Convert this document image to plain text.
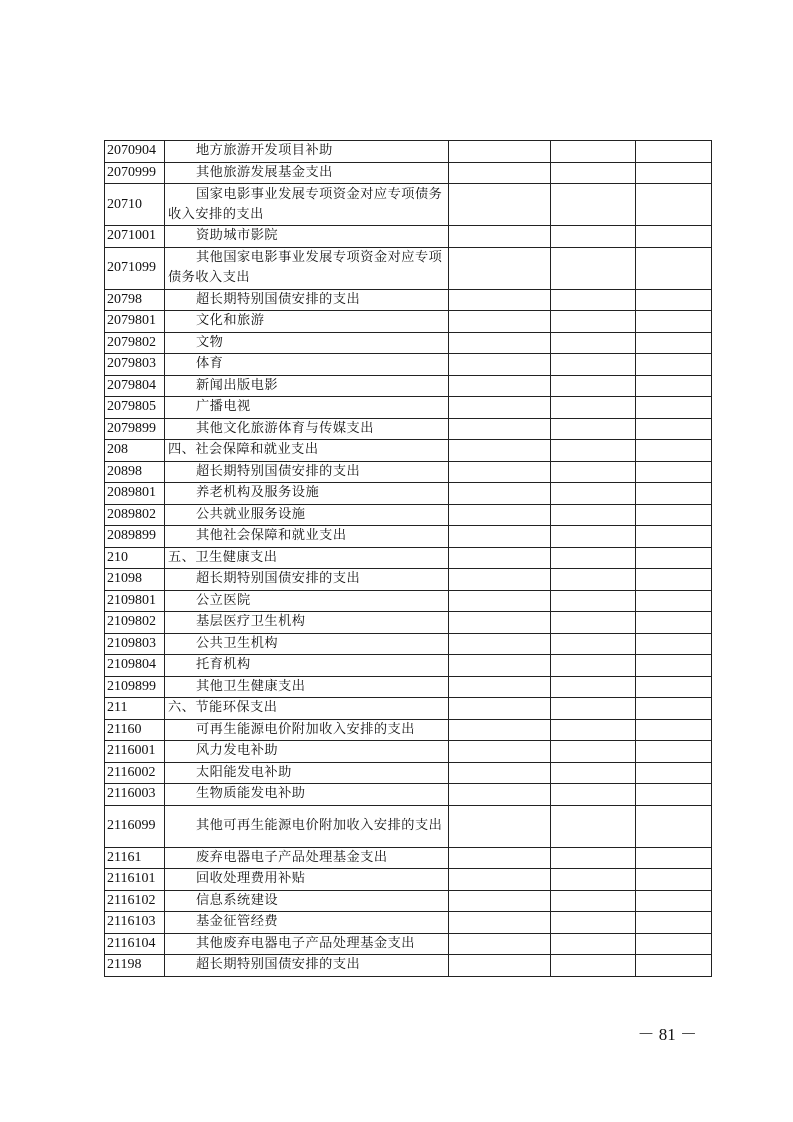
2070904	地方旅游开发项目补助			
2070999	其他旅游发展基金支出			
20710	国家电影事业发展专项资金对应专项债务收入安排的支出			
2071001	资助城市影院			
2071099	其他国家电影事业发展专项资金对应专项债务收入支出			
20798	超长期特别国债安排的支出			
2079801	文化和旅游			
2079802	文物			
2079803	体育			
2079804	新闻出版电影			
2079805	广播电视			
2079899	其他文化旅游体育与传媒支出			
208	四、社会保障和就业支出			
20898	超长期特别国债安排的支出			
2089801	养老机构及服务设施			
2089802	公共就业服务设施			
2089899	其他社会保障和就业支出			
210	五、卫生健康支出			
21098	超长期特别国债安排的支出			
2109801	公立医院			
2109802	基层医疗卫生机构			
2109803	公共卫生机构			
2109804	托育机构			
2109899	其他卫生健康支出			
211	六、节能环保支出			
21160	可再生能源电价附加收入安排的支出			
2116001	风力发电补助			
2116002	太阳能发电补助			
2116003	生物质能发电补助			
2116099	其他可再生能源电价附加收入安排的支出			
21161	废弃电器电子产品处理基金支出			
2116101	回收处理费用补贴			
2116102	信息系统建设			
2116103	基金征管经费			
2116104	其他废弃电器电子产品处理基金支出			
21198	超长期特别国债安排的支出			
－ 81 －
